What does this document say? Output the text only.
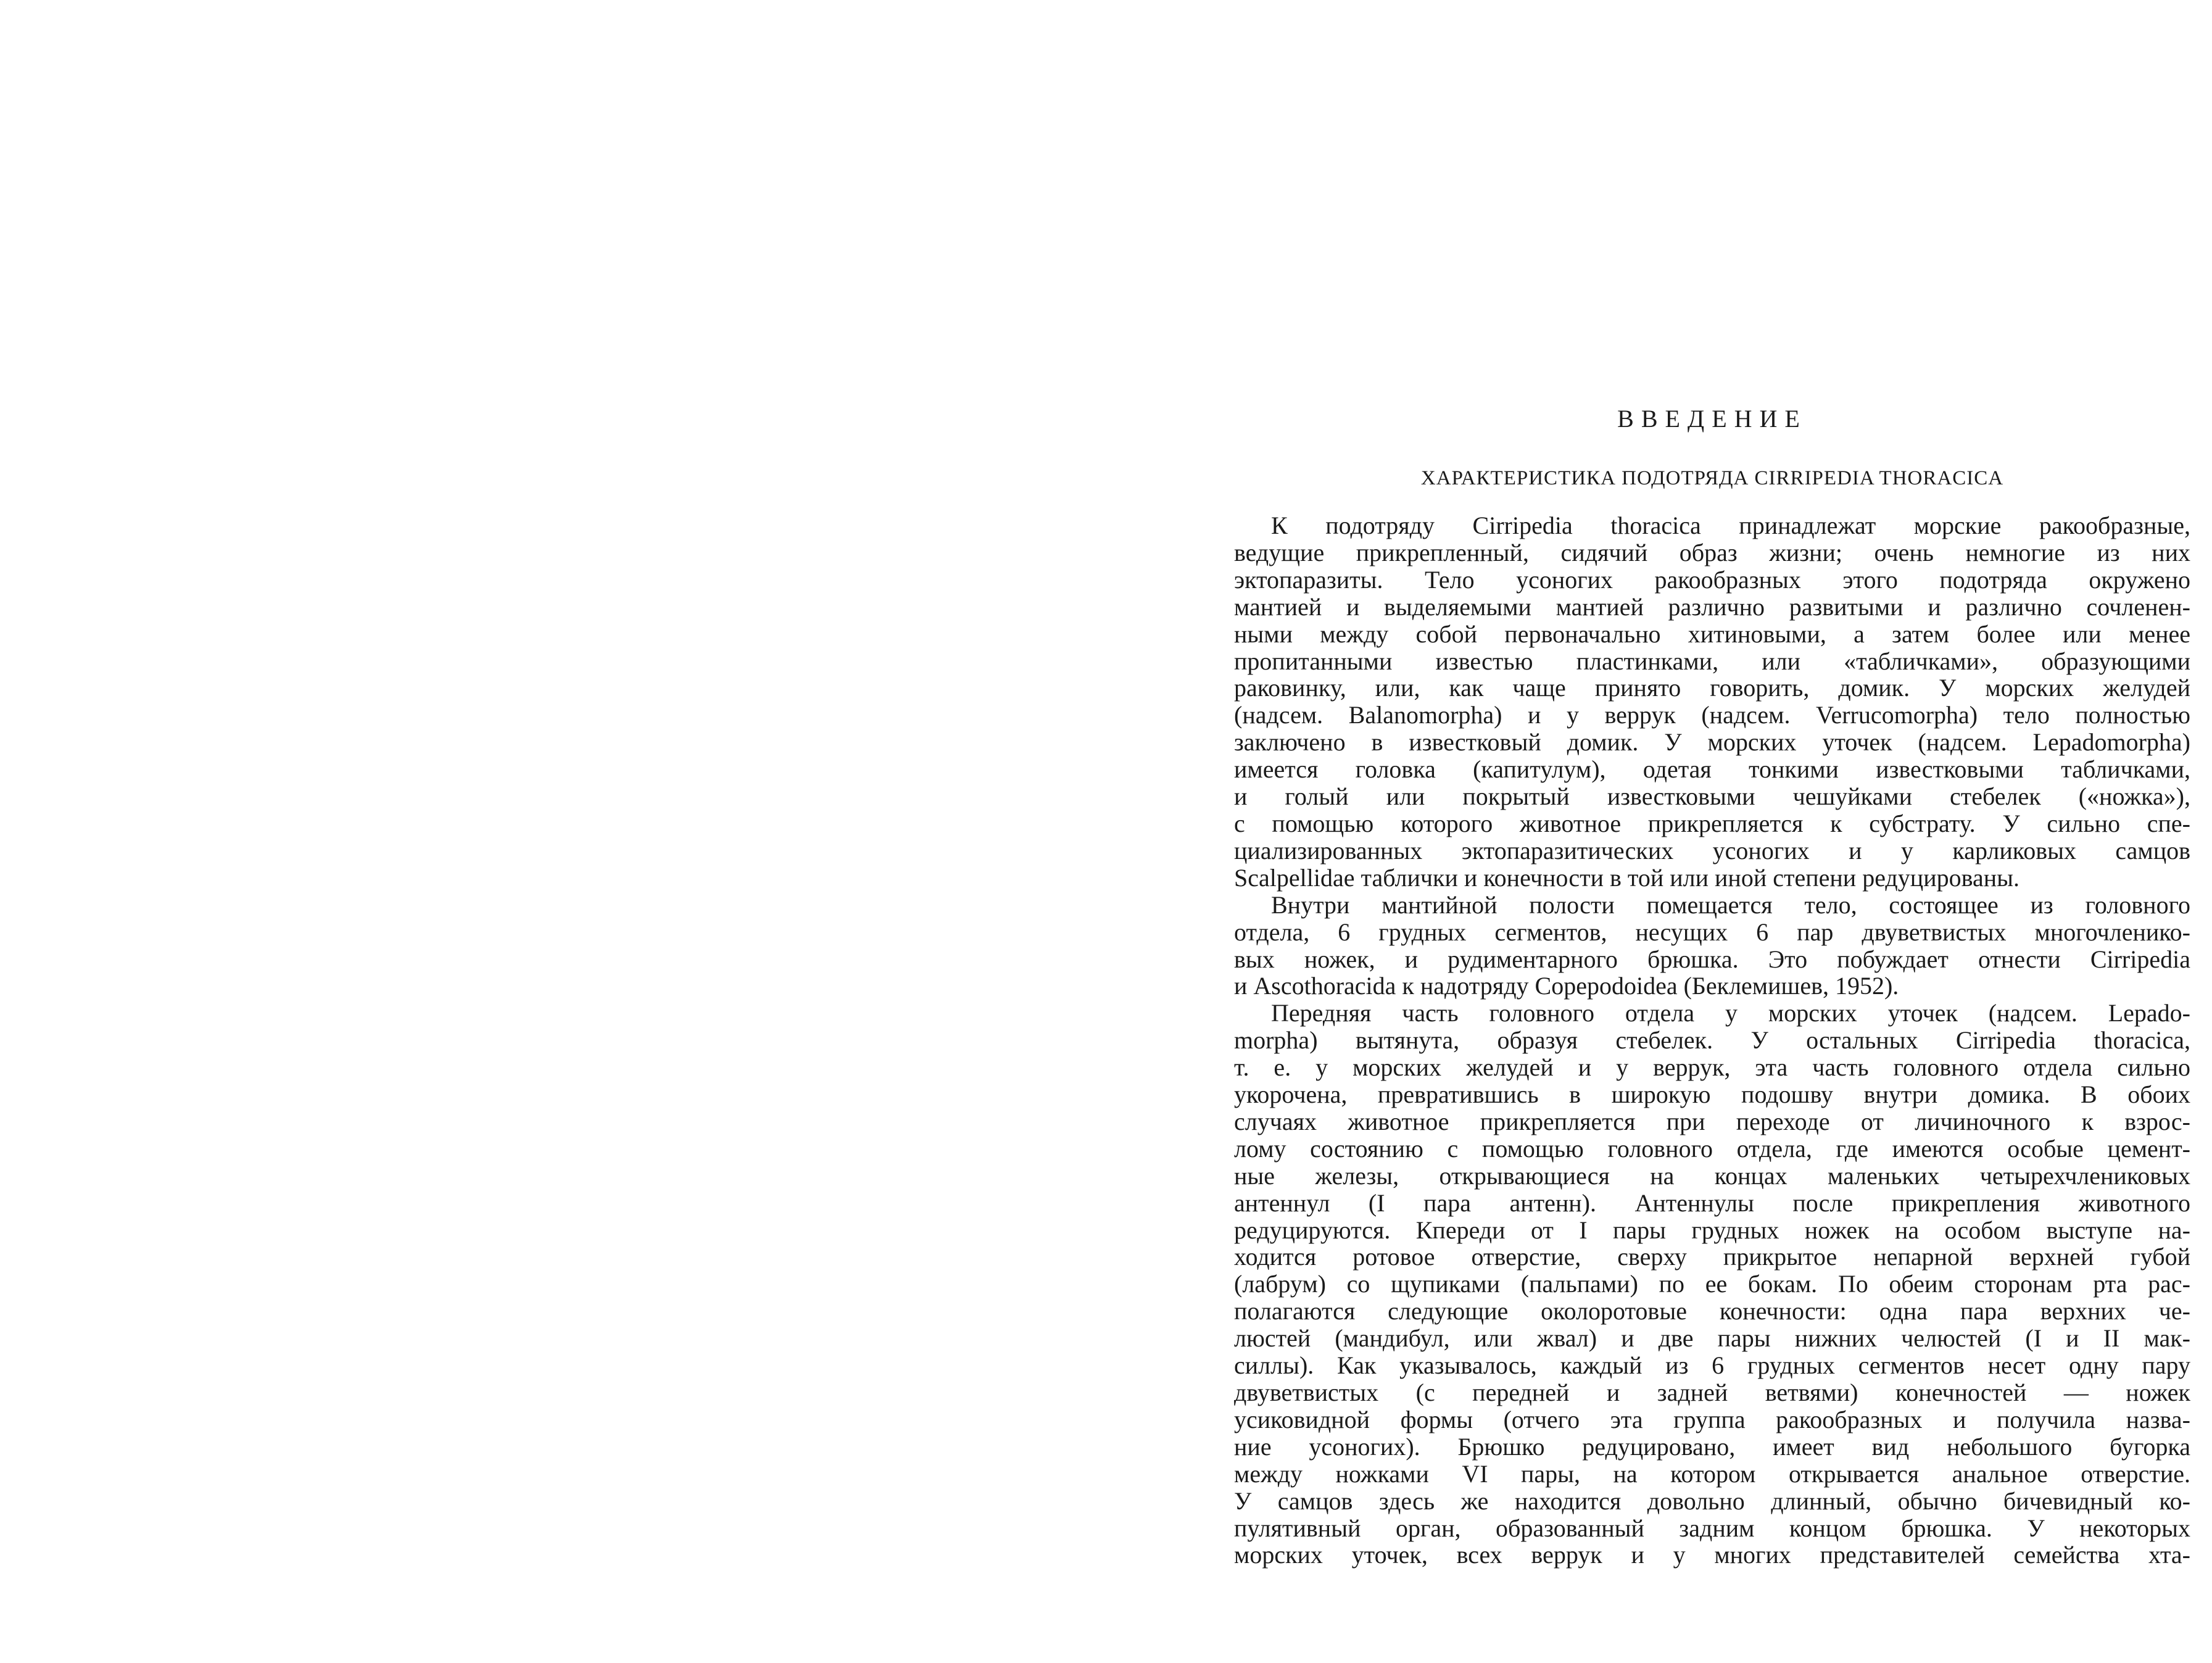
ВВЕДЕНИЕ
ХАРАКТЕРИСТИКА ПОДОТРЯДА CIRRIPEDIA THORACICA
К подотряду Cirripedia thoracica принадлежат морские ракообразные,
ведущие прикрепленный, сидячий образ жизни; очень немногие из них
эктопаразиты. Тело усоногих ракообразных этого подотряда окружено
мантией и выделяемыми мантией различно развитыми и различно сочленен-
ными между собой первоначально хитиновыми, а затем более или менее
пропитанными известью пластинками, или «табличками», образующими
раковинку, или, как чаще принято говорить, домик. У морских желудей
(надсем. Balanomorpha) и у веррук (надсем. Verrucomorpha) тело полностью
заключено в известковый домик. У морских уточек (надсем. Lepadomorpha)
имеется головка (капитулум), одетая тонкими известковыми табличками,
и голый или покрытый известковыми чешуйками стебелек («ножка»),
с помощью которого животное прикрепляется к субстрату. У сильно спе-
циализированных эктопаразитических усоногих и у карликовых самцов
Scalpellidae таблички и конечности в той или иной степени редуцированы.
Внутри мантийной полости помещается тело, состоящее из головного
отдела, 6 грудных сегментов, несущих 6 пар двуветвистых многочленико-
вых ножек, и рудиментарного брюшка. Это побуждает отнести Cirripedia
и Ascothoracida к надотряду Copepodoidea (Беклемишев, 1952).
Передняя часть головного отдела у морских уточек (надсем. Lepado-
morpha) вытянута, образуя стебелек. У остальных Cirripedia thoracica,
т. е. у морских желудей и у веррук, эта часть головного отдела сильно
укорочена, превратившись в широкую подошву внутри домика. В обоих
случаях животное прикрепляется при переходе от личиночного к взрос-
лому состоянию с помощью головного отдела, где имеются особые цемент-
ные железы, открывающиеся на концах маленьких четырехчлениковых
антеннул (I пара антенн). Антеннулы после прикрепления животного
редуцируются. Кпереди от I пары грудных ножек на особом выступе на-
ходится ротовое отверстие, сверху прикрытое непарной верхней губой
(лабрум) со щупиками (пальпами) по ее бокам. По обеим сторонам рта рас-
полагаются следующие околоротовые конечности: одна пара верхних че-
люстей (мандибул, или жвал) и две пары нижних челюстей (I и II мак-
силлы). Как указывалось, каждый из 6 грудных сегментов несет одну пару
двуветвистых (с передней и задней ветвями) конечностей — ножек
усиковидной формы (отчего эта группа ракообразных и получила назва-
ние усоногих). Брюшко редуцировано, имеет вид небольшого бугорка
между ножками VI пары, на котором открывается анальное отверстие.
У самцов здесь же находится довольно длинный, обычно бичевидный ко-
пулятивный орган, образованный задним концом брюшка. У некоторых
морских уточек, всех веррук и у многих представителей семейства хта-
